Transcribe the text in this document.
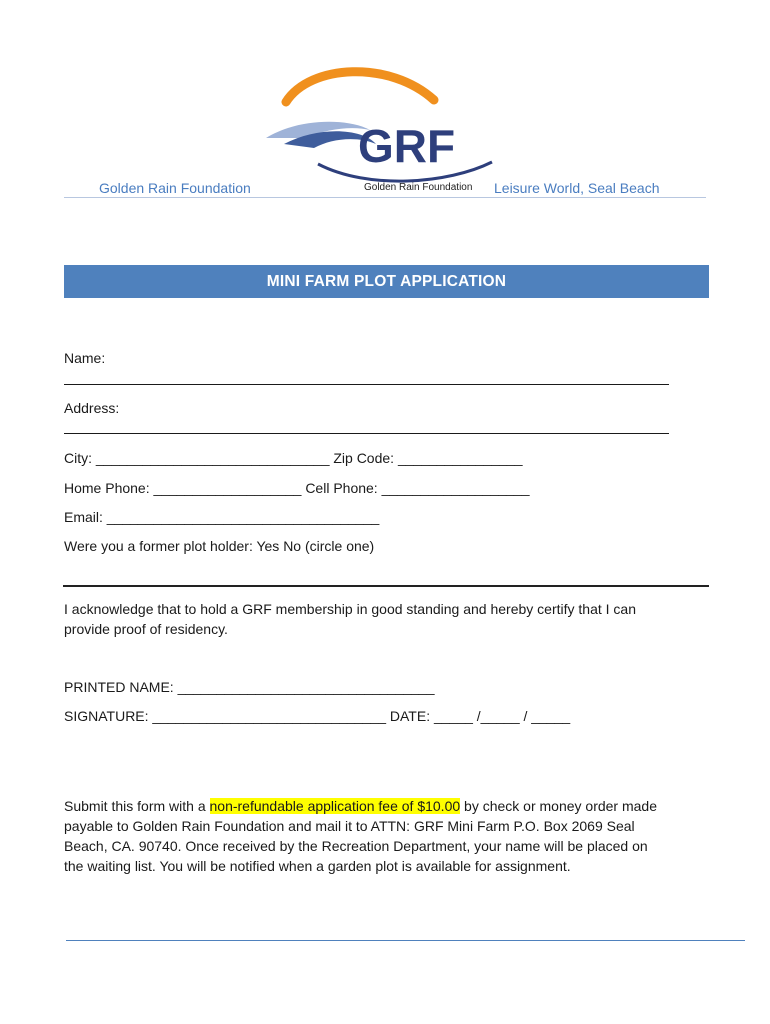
GRF
Golden Rain Foundation
Golden Rain Foundation	Leisure World, Seal Beach
MINI FARM PLOT APPLICATION
Name:
Address:
City: ______________________________ Zip Code: ________________
Home Phone: ___________________ Cell Phone: ___________________
Email: ___________________________________
Were you a former plot holder: Yes No (circle one)
I acknowledge that to hold a GRF membership in good standing and hereby certify that I can
provide proof of residency.
PRINTED NAME: _________________________________
SIGNATURE: ______________________________ DATE: _____ /_____ / _____
Submit this form with a non-refundable application fee of $10.00 by check or money order made
payable to Golden Rain Foundation and mail it to ATTN: GRF Mini Farm P.O. Box 2069 Seal
Beach, CA. 90740. Once received by the Recreation Department, your name will be placed on
the waiting list. You will be notified when a garden plot is available for assignment.
